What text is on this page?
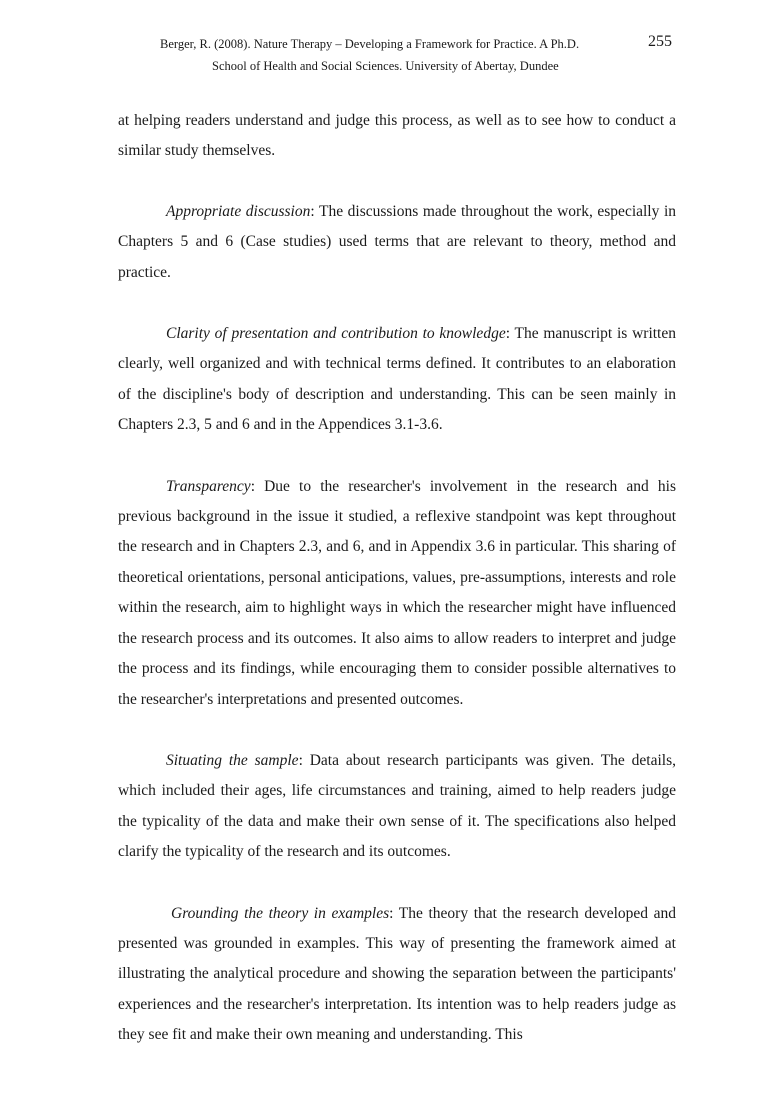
Berger, R. (2008). Nature Therapy – Developing a Framework for Practice. A Ph.D.	255
School of Health and Social Sciences. University of Abertay, Dundee

at helping readers understand and judge this process, as well as to see how to conduct a similar study themselves.

Appropriate discussion: The discussions made throughout the work, especially in Chapters 5 and 6 (Case studies) used terms that are relevant to theory, method and practice.

Clarity of presentation and contribution to knowledge: The manuscript is written clearly, well organized and with technical terms defined. It contributes to an elaboration of the discipline's body of description and understanding. This can be seen mainly in Chapters 2.3, 5 and 6 and in the Appendices 3.1-3.6.

Transparency: Due to the researcher's involvement in the research and his previous background in the issue it studied, a reflexive standpoint was kept throughout the research and in Chapters 2.3, and 6, and in Appendix 3.6 in particular. This sharing of theoretical orientations, personal anticipations, values, pre-assumptions, interests and role within the research, aim to highlight ways in which the researcher might have influenced the research process and its outcomes. It also aims to allow readers to interpret and judge the process and its findings, while encouraging them to consider possible alternatives to the researcher's interpretations and presented outcomes.

Situating the sample: Data about research participants was given. The details, which included their ages, life circumstances and training, aimed to help readers judge the typicality of the data and make their own sense of it. The specifications also helped clarify the typicality of the research and its outcomes.

Grounding the theory in examples: The theory that the research developed and presented was grounded in examples. This way of presenting the framework aimed at illustrating the analytical procedure and showing the separation between the participants' experiences and the researcher's interpretation. Its intention was to help readers judge as they see fit and make their own meaning and understanding. This
